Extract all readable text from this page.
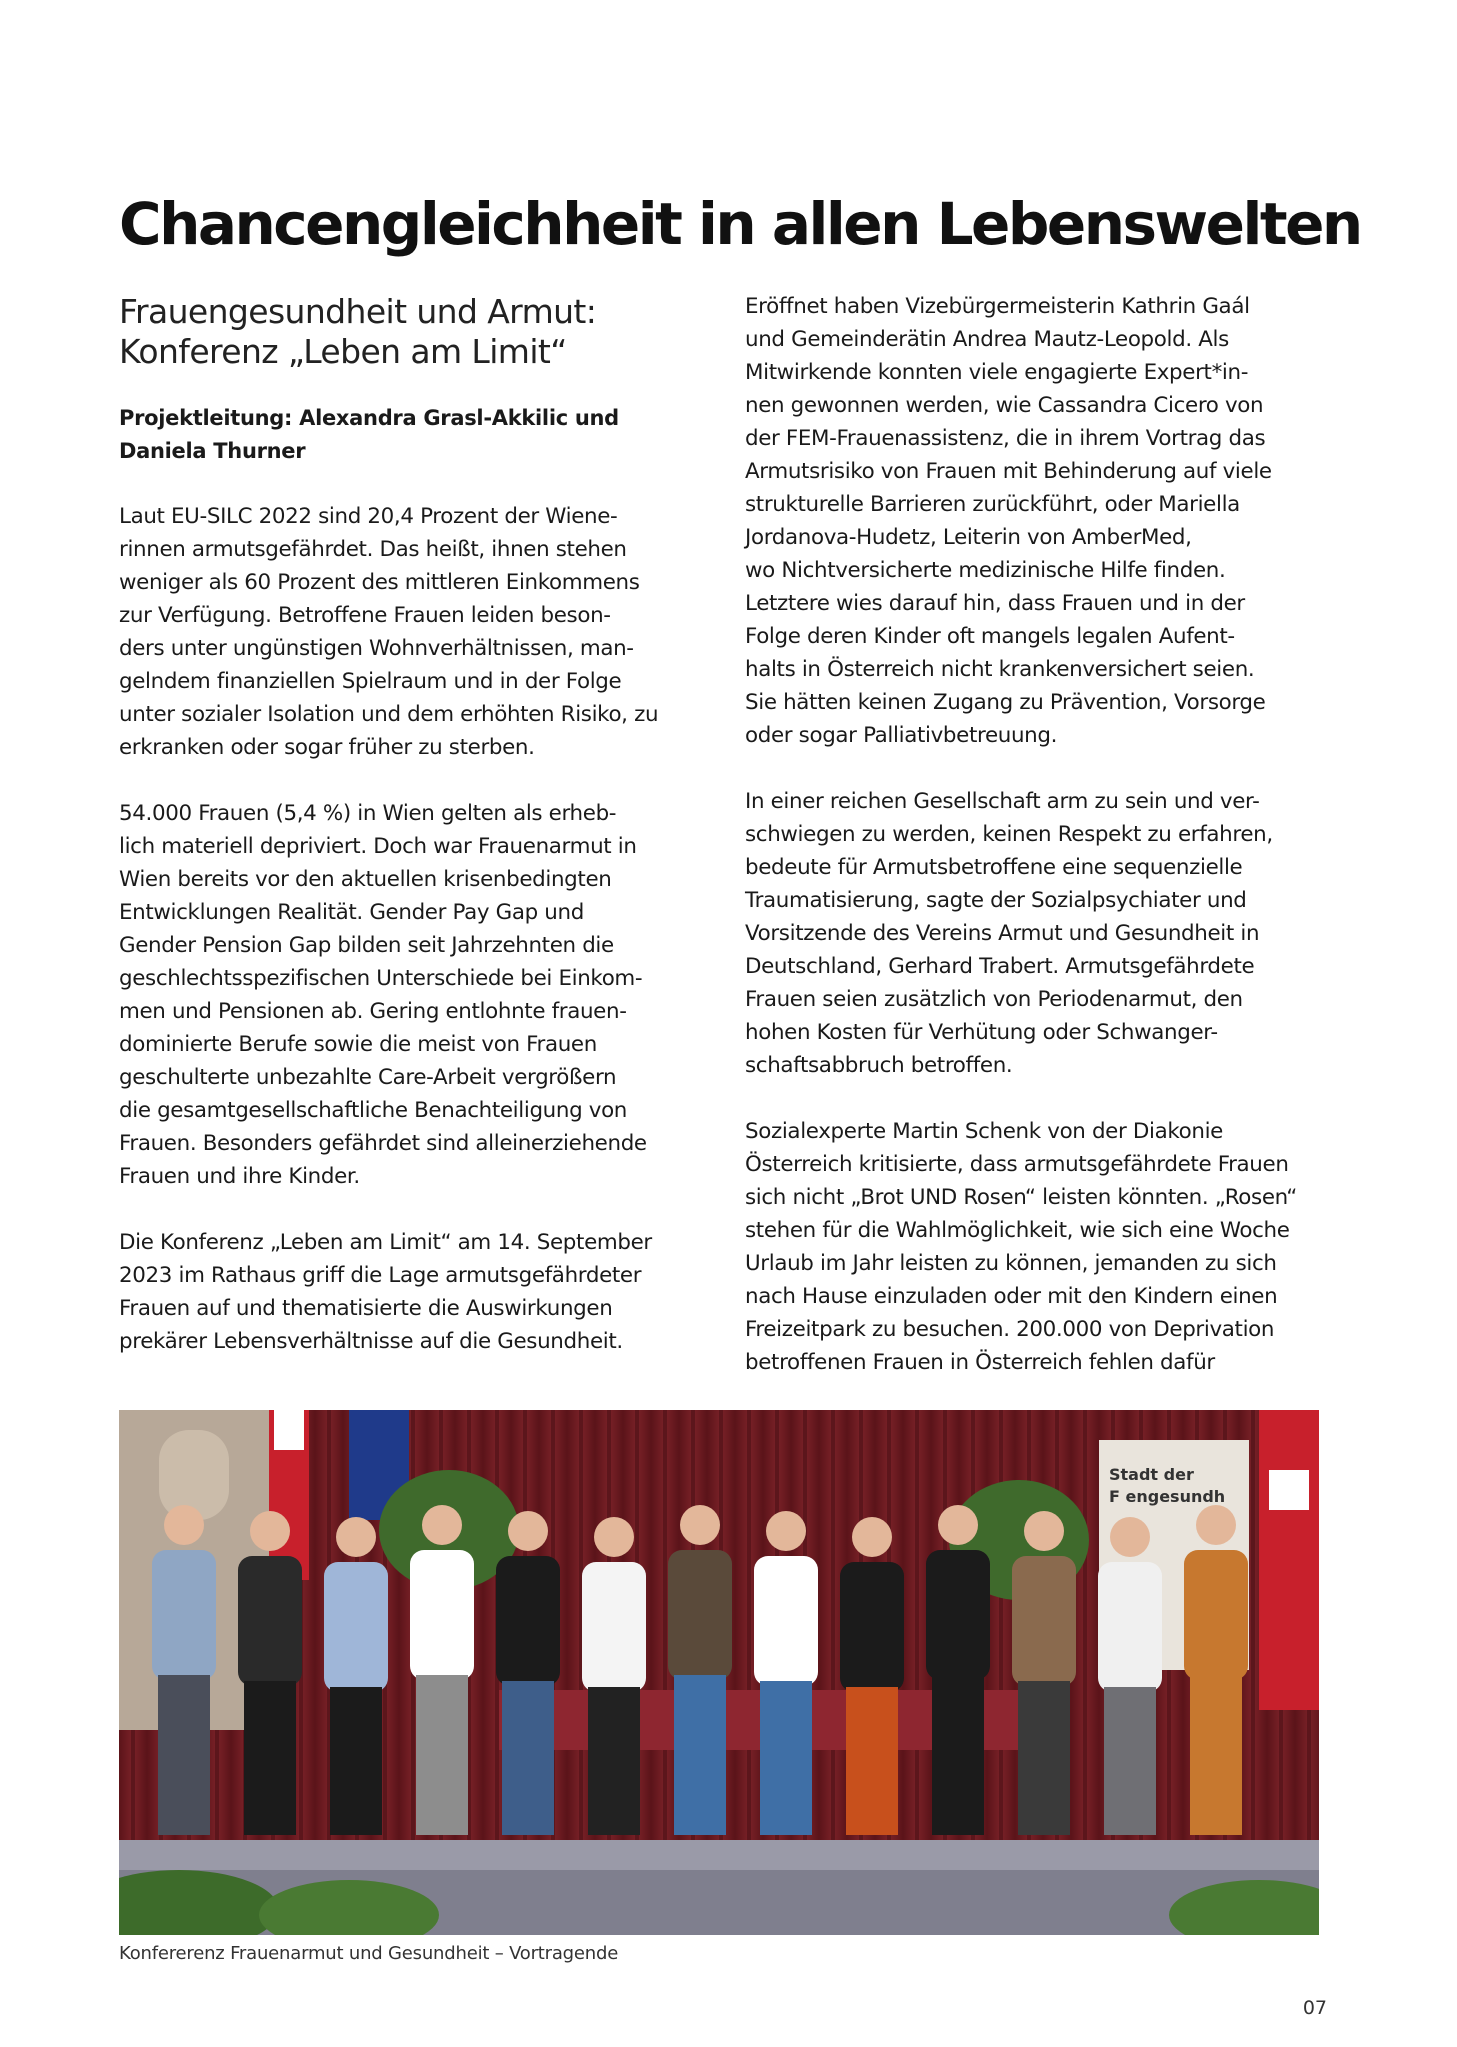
Chancengleichheit in allen Lebenswelten
Frauengesundheit und Armut:
Konferenz „Leben am Limit“

Projektleitung: Alexandra Grasl-Akkilic und
Daniela Thurner

Laut EU-SILC 2022 sind 20,4 Prozent der Wiene-
rinnen armutsgefährdet. Das heißt, ihnen stehen
weniger als 60 Prozent des mittleren Einkommens
zur Verfügung. Betroffene Frauen leiden beson-
ders unter ungünstigen Wohnverhältnissen, man-
gelndem finanziellen Spielraum und in der Folge
unter sozialer Isolation und dem erhöhten Risiko, zu
erkranken oder sogar früher zu sterben.

54.000 Frauen (5,4 %) in Wien gelten als erheb-
lich materiell depriviert. Doch war Frauenarmut in
Wien bereits vor den aktuellen krisenbedingten
Entwicklungen Realität. Gender Pay Gap und
Gender Pension Gap bilden seit Jahrzehnten die
geschlechtsspezifischen Unterschiede bei Einkom-
men und Pensionen ab. Gering entlohnte frauen-
dominierte Berufe sowie die meist von Frauen
geschulterte unbezahlte Care-Arbeit vergrößern
die gesamtgesellschaftliche Benachteiligung von
Frauen. Besonders gefährdet sind alleinerziehende
Frauen und ihre Kinder.

Die Konferenz „Leben am Limit“ am 14. September
2023 im Rathaus griff die Lage armutsgefährdeter
Frauen auf und thematisierte die Auswirkungen
prekärer Lebensverhältnisse auf die Gesundheit.

Eröffnet haben Vizebürgermeisterin Kathrin Gaál
und Gemeinderätin Andrea Mautz-Leopold. Als
Mitwirkende konnten viele engagierte Expert*in-
nen gewonnen werden, wie Cassandra Cicero von
der FEM-Frauenassistenz, die in ihrem Vortrag das
Armutsrisiko von Frauen mit Behinderung auf viele
strukturelle Barrieren zurückführt, oder Mariella
Jordanova-Hudetz, Leiterin von AmberMed,
wo Nichtversicherte medizinische Hilfe finden.
Letztere wies darauf hin, dass Frauen und in der
Folge deren Kinder oft mangels legalen Aufent-
halts in Österreich nicht krankenversichert seien.
Sie hätten keinen Zugang zu Prävention, Vorsorge
oder sogar Palliativbetreuung.

In einer reichen Gesellschaft arm zu sein und ver-
schwiegen zu werden, keinen Respekt zu erfahren,
bedeute für Armutsbetroffene eine sequenzielle
Traumatisierung, sagte der Sozialpsychiater und
Vorsitzende des Vereins Armut und Gesundheit in
Deutschland, Gerhard Trabert. Armutsgefährdete
Frauen seien zusätzlich von Periodenarmut, den
hohen Kosten für Verhütung oder Schwanger-
schaftsabbruch betroffen.

Sozialexperte Martin Schenk von der Diakonie
Österreich kritisierte, dass armutsgefährdete Frauen
sich nicht „Brot UND Rosen“ leisten könnten. „Rosen“
stehen für die Wahlmöglichkeit, wie sich eine Woche
Urlaub im Jahr leisten zu können, jemanden zu sich
nach Hause einzuladen oder mit den Kindern einen
Freizeitpark zu besuchen. 200.000 von Deprivation
betroffenen Frauen in Österreich fehlen dafür

Stadt der
F engesundh
Konfererenz Frauenarmut und Gesundheit – Vortragende
07
